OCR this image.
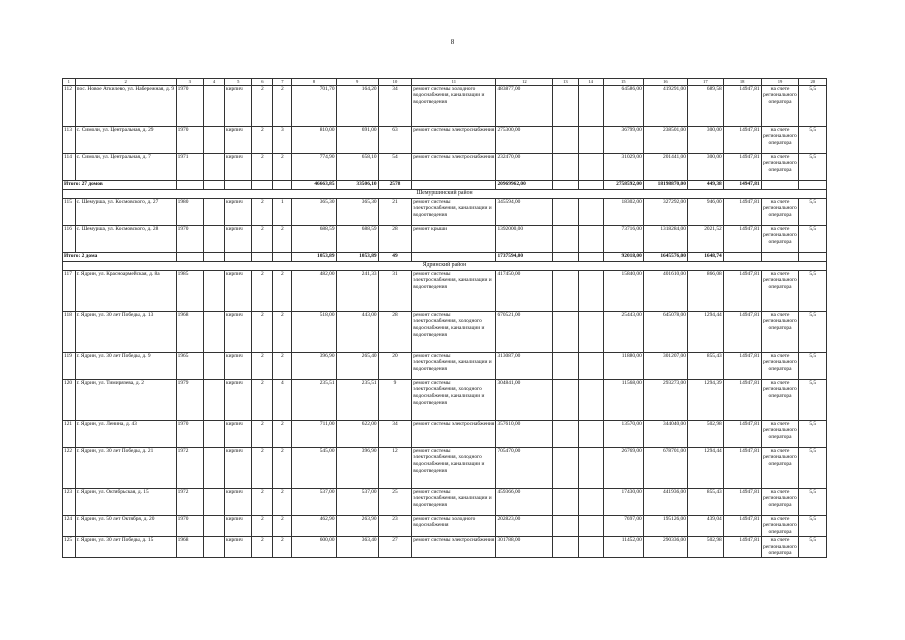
8
1	2	3	4	5	6	7	8	9	10	11	12	13	14	15	16	17	18	19	20
112	пос. Новое Аткилево, ул. Набережная, д. 9	1970		кирпич	2	2	701,70	164,20	34	ремонт системы холодного водоснабжения, канализации и водоотведения	483877,00			64586,00	419291,00	689,58	14947,81	на счете регионального оператора	5,5
113	с. Симоли, ул. Центральная, д. 29	1970		кирпич	2	3	810,00	691,00	63	ремонт системы электроснабжения	275300,00			36799,00	238501,00	300,00	14947,81	на счете регионального оператора	5,5
114	с. Симоли, ул. Центральная, д. 7	1971		кирпич	2	2	774,90	658,10	54	ремонт системы электроснабжения	232470,00			31029,00	201441,00	300,00	14947,81	на счете регионального оператора	5,5
Итого: 27 домов							46663,85	33506,10	2578		20969962,00			2758592,00	18198870,00	449,38	14947,81		
Шемуршинский район																			
115	с. Шемурша, ул. Космовского, д. 27	1980		кирпич	2	1	365,30	365,30	21	ремонт системы электроснабжения, канализации и водоотведения	345594,00			18302,00	327292,00	946,00	14947,81	на счете регионального оператора	5,5
116	с. Шемурша, ул. Космовского, д. 28	1970		кирпич	2	2	688,59	688,59	28	ремонт крыши	1392000,00			73716,00	1318284,00	2021,52	14947,81	на счете регионального оператора	5,5
Итого: 2 дома							1053,89	1053,89	49		1737594,00			92018,00	1645576,00	1648,74			
Ядринский район																			
117	г. Ядрин, ул. Красноармейская, д. 8а	1985		кирпич	2	2	482,00	241,33	31	ремонт системы электроснабжения, канализации и водоотведения	417450,00			15840,00	401610,00	866,08	14947,81	на счете регионального оператора	5,5
118	г. Ядрин, ул. 30 лет Победы, д. 13	1968		кирпич	2	2	518,00	443,00	28	ремонт системы электроснабжения, холодного водоснабжения, канализации и водоотведения	670521,00			25443,00	645078,00	1294,44	14947,81	на счете регионального оператора	5,5
119	г. Ядрин, ул. 30 лет Победы, д. 9	1965		кирпич	2	2	396,90	265,40	20	ремонт системы электроснабжения, канализации и водоотведения	313087,00			11880,00	301207,00	855,43	14947,81	на счете регионального оператора	5,5
120	г. Ядрин, ул. Тимирязева, д. 2	1979		кирпич	2	4	235,51	235,51	9	ремонт системы электроснабжения, холодного водоснабжения, канализации и водоотведения	304841,00			11568,00	293273,00	1294,39	14947,81	на счете регионального оператора	5,5
121	г. Ядрин, ул. Ленина, д. 43	1970		кирпич	2	2	711,00	622,00	34	ремонт системы электроснабжения	357610,00			13570,00	344040,00	502,98	14947,81	на счете регионального оператора	5,5
122	г. Ядрин, ул. 30 лет Победы, д. 21	1972		кирпич	2	2	545,00	396,90	12	ремонт системы электроснабжения, холодного водоснабжения, канализации и водоотведения	705470,00			26769,00	678701,00	1294,44	14947,81	на счете регионального оператора	5,5
123	г. Ядрин, ул. Октябрьская, д. 15	1972		кирпич	2	2	537,00	537,00	25	ремонт системы электроснабжения, канализации и водоотведения	459366,00			17430,00	441936,00	855,43	14947,81	на счете регионального оператора	5,5
124	г. Ядрин, ул. 50 лет Октября, д. 20	1970		кирпич	2	2	462,90	263,90	23	ремонт системы холодного водоснабжения	202823,00			7697,00	195126,00	439,04	14947,81	на счете регионального оператора	5,5
125	г. Ядрин, ул. 30 лет Победы, д. 15	1968		кирпич	2	2	600,00	363,40	27	ремонт системы электроснабжения	301788,00			11452,00	290336,00	502,98	14947,81	на счете регионального оператора	5,5
